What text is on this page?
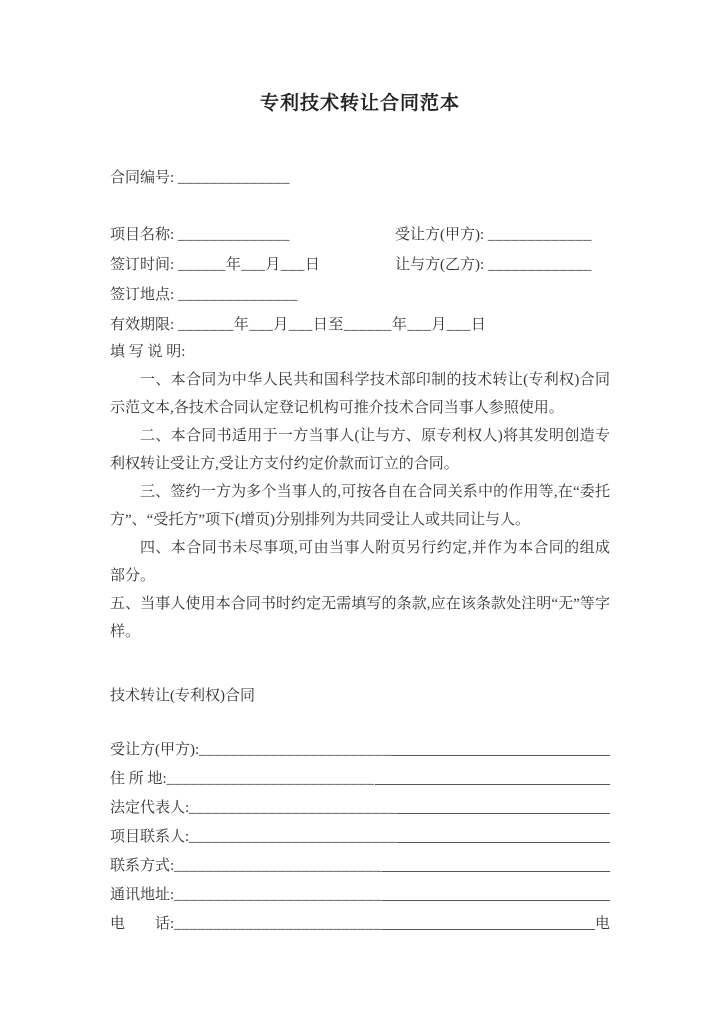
专利技术转让合同范本
合同编号: ______________
项目名称: ______________	受让方(甲方): _____________
签订时间: ______年___月___日	让与方(乙方): _____________
签订地点: _______________
有效期限: _______年___月___日至______年___月___日
填 写 说 明:

一、本合同为中华人民共和国科学技术部印制的技术转让(专利权)合同示范文本,各技术合同认定登记机构可推介技术合同当事人参照使用。

二、本合同书适用于一方当事人(让与方、原专利权人)将其发明创造专利权转让受让方,受让方支付约定价款而订立的合同。

三、签约一方为多个当事人的,可按各自在合同关系中的作用等,在“委托方”、“受托方”项下(增页)分别排列为共同受让人或共同让与人。

四、本合同书未尽事项,可由当事人附页另行约定,并作为本合同的组成部分。

五、当事人使用本合同书时约定无需填写的条款,应在该条款处注明“无”等字样。

技术转让(专利权)合同
受让方(甲方): ________________________
住 所 地: __________________________
法定代表人: __________________________
项目联系人: __________________________
联系方式: __________________________
通讯地址: __________________________
电　　话: __________________________	电
